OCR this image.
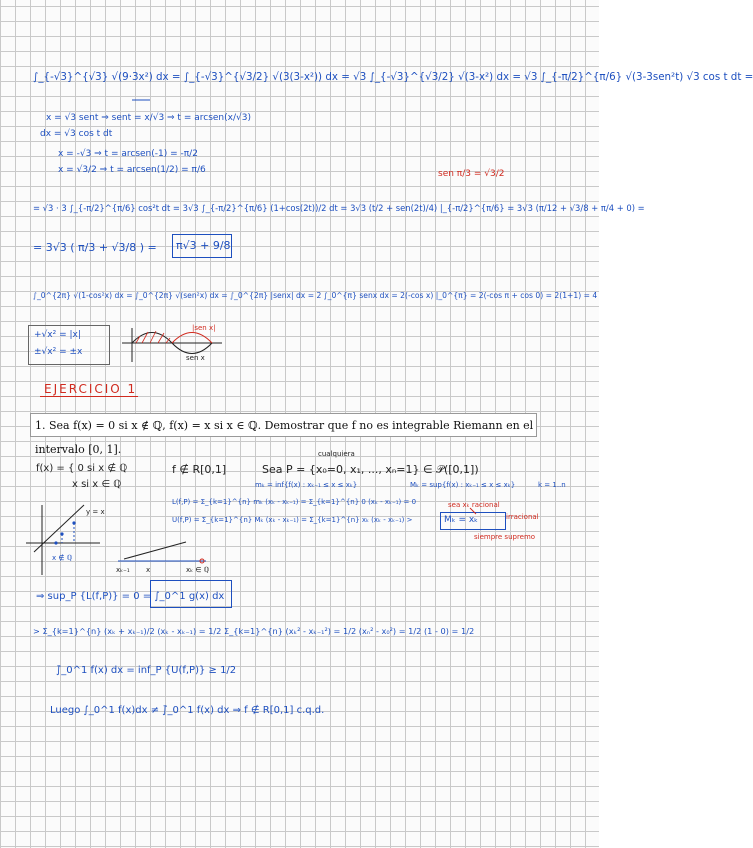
∫_{-√3}^{√3} √(9·3x²) dx = ∫_{-√3}^{√3/2} √(3(3-x²)) dx = √3 ∫_{-√3}^{√3/2} √(3-x²) dx = √3 ∫_{-π/2}^{π/6} √(3-3sen²t) √3 cos t dt =
x = √3 sent ⇒ sent = x/√3 ⇒ t = arcsen(x/√3)
dx = √3 cos t dt
x = -√3 ⇒ t = arcsen(-1) = -π/2
x = √3/2 ⇒ t = arcsen(1/2) = π/6	sen π/3 = √3/2
= √3 · 3 ∫_{-π/2}^{π/6} cos²t dt = 3√3 ∫_{-π/2}^{π/6} (1+cos(2t))/2 dt = 3√3 (t/2 + sen(2t)/4) |_{-π/2}^{π/6} = 3√3 (π/12 + √3/8 + π/4 + 0) =
= 3√3 ( π/3 + √3/8 ) = π√3 + 9/8
∫_0^{2π} √(1-cos²x) dx = ∫_0^{2π} √(sen²x) dx = ∫_0^{2π} |senx| dx = 2 ∫_0^{π} senx dx = 2(-cos x) |_0^{π} = 2(-cos π + cos 0) = 2(1+1) = 4
+√x² = |x|
±√x² = ±x
|sen x|
sen x
EJERCICIO 1
1. Sea f(x) = 0 si x ∉ ℚ, f(x) = x si x ∈ ℚ. Demostrar que f no es integrable Riemann en el intervalo [0, 1].
f(x) = { 0 si x ∉ ℚ
x si x ∈ ℚ
f ∉ R[0,1]	Sea P = {x₀=0, x₁, ..., xₙ=1} ∈ 𝒫([0,1])
cualquiera
mₖ = inf{f(x) : xₖ₋₁ ≤ x ≤ xₖ}	Mₖ = sup{f(x) : xₖ₋₁ ≤ x ≤ xₖ}	k = 1..n
L(f,P) = Σ_{k=1}^{n} mₖ (xₖ - xₖ₋₁) = Σ_{k=1}^{n} 0 (xₖ - xₖ₋₁) = 0
U(f,P) = Σ_{k=1}^{n} Mₖ (xₖ - xₖ₋₁) = Σ_{k=1}^{n} xₖ (xₖ - xₖ₋₁) >
sea xₖ racional
Mₖ = xₖ	irracional
siempre supremo
y = x
x ∉ ℚ
xₖ₋₁ x	xₖ ∈ ℚ
⇒ sup_P {L(f,P)} = 0 = ∫_0^1 g(x) dx
> Σ_{k=1}^{n} (xₖ + xₖ₋₁)/2 (xₖ - xₖ₋₁) = 1/2 Σ_{k=1}^{n} (xₖ² - xₖ₋₁²) = 1/2 (xₙ² - x₀²) = 1/2 (1 - 0) = 1/2
∫̄_0^1 f(x) dx = inf_P {U(f,P)} ≥ 1/2
Luego ∫_0^1 f(x)dx ≠ ∫̄_0^1 f(x) dx ⇒ f ∉ R[0,1] c.q.d.
